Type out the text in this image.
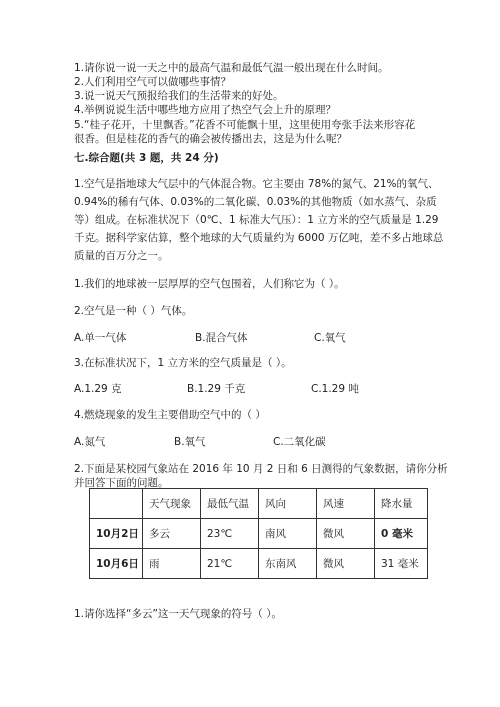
1.请你说一说一天之中的最高气温和最低气温一般出现在什么时间。
2.人们利用空气可以做哪些事情？
3.说一说天气预报给我们的生活带来的好处。
4.举例说说生活中哪些地方应用了热空气会上升的原理？
5.“桂子花开，十里飘香。”花香不可能飘十里，这里使用夸张手法来形容花
很香。但是桂花的香气的确会被传播出去，这是为什么呢？
七.综合题(共 3 题，共 24 分)
1.空气是指地球大气层中的气体混合物。它主要由 78%的氮气、21%的氧气、
0.94%的稀有气体、0.03%的二氧化碳、0.03%的其他物质（如水蒸气、杂质
等）组成。在标准状况下（0℃、1 标准大气压）：1 立方米的空气质量是 1.29
千克。据科学家估算，整个地球的大气质量约为 6000 万亿吨，差不多占地球总
质量的百万分之一。
1.我们的地球被一层厚厚的空气包围着，人们称它为（ ）。
2.空气是一种（ ）气体。
A.单一气体	B.混合气体	C.氧气
3.在标准状况下，1 立方米的空气质量是（ ）。
A.1.29 克	B.1.29 千克	C.1.29 吨
4.燃烧现象的发生主要借助空气中的（ ）
A.氮气	B.氧气	C.二氧化碳
2.下面是某校园气象站在 2016 年 10 月 2 日和 6 日测得的气象数据，请你分析
	天气现象	最低气温	风向	风速	降水量
10月2日	多云	23℃	南风	微风	0 毫米
10月6日	雨	21℃	东南风	微风	31 毫米
1.请你选择“多云”这一天气现象的符号（ ）。
并回答下面的问题。
